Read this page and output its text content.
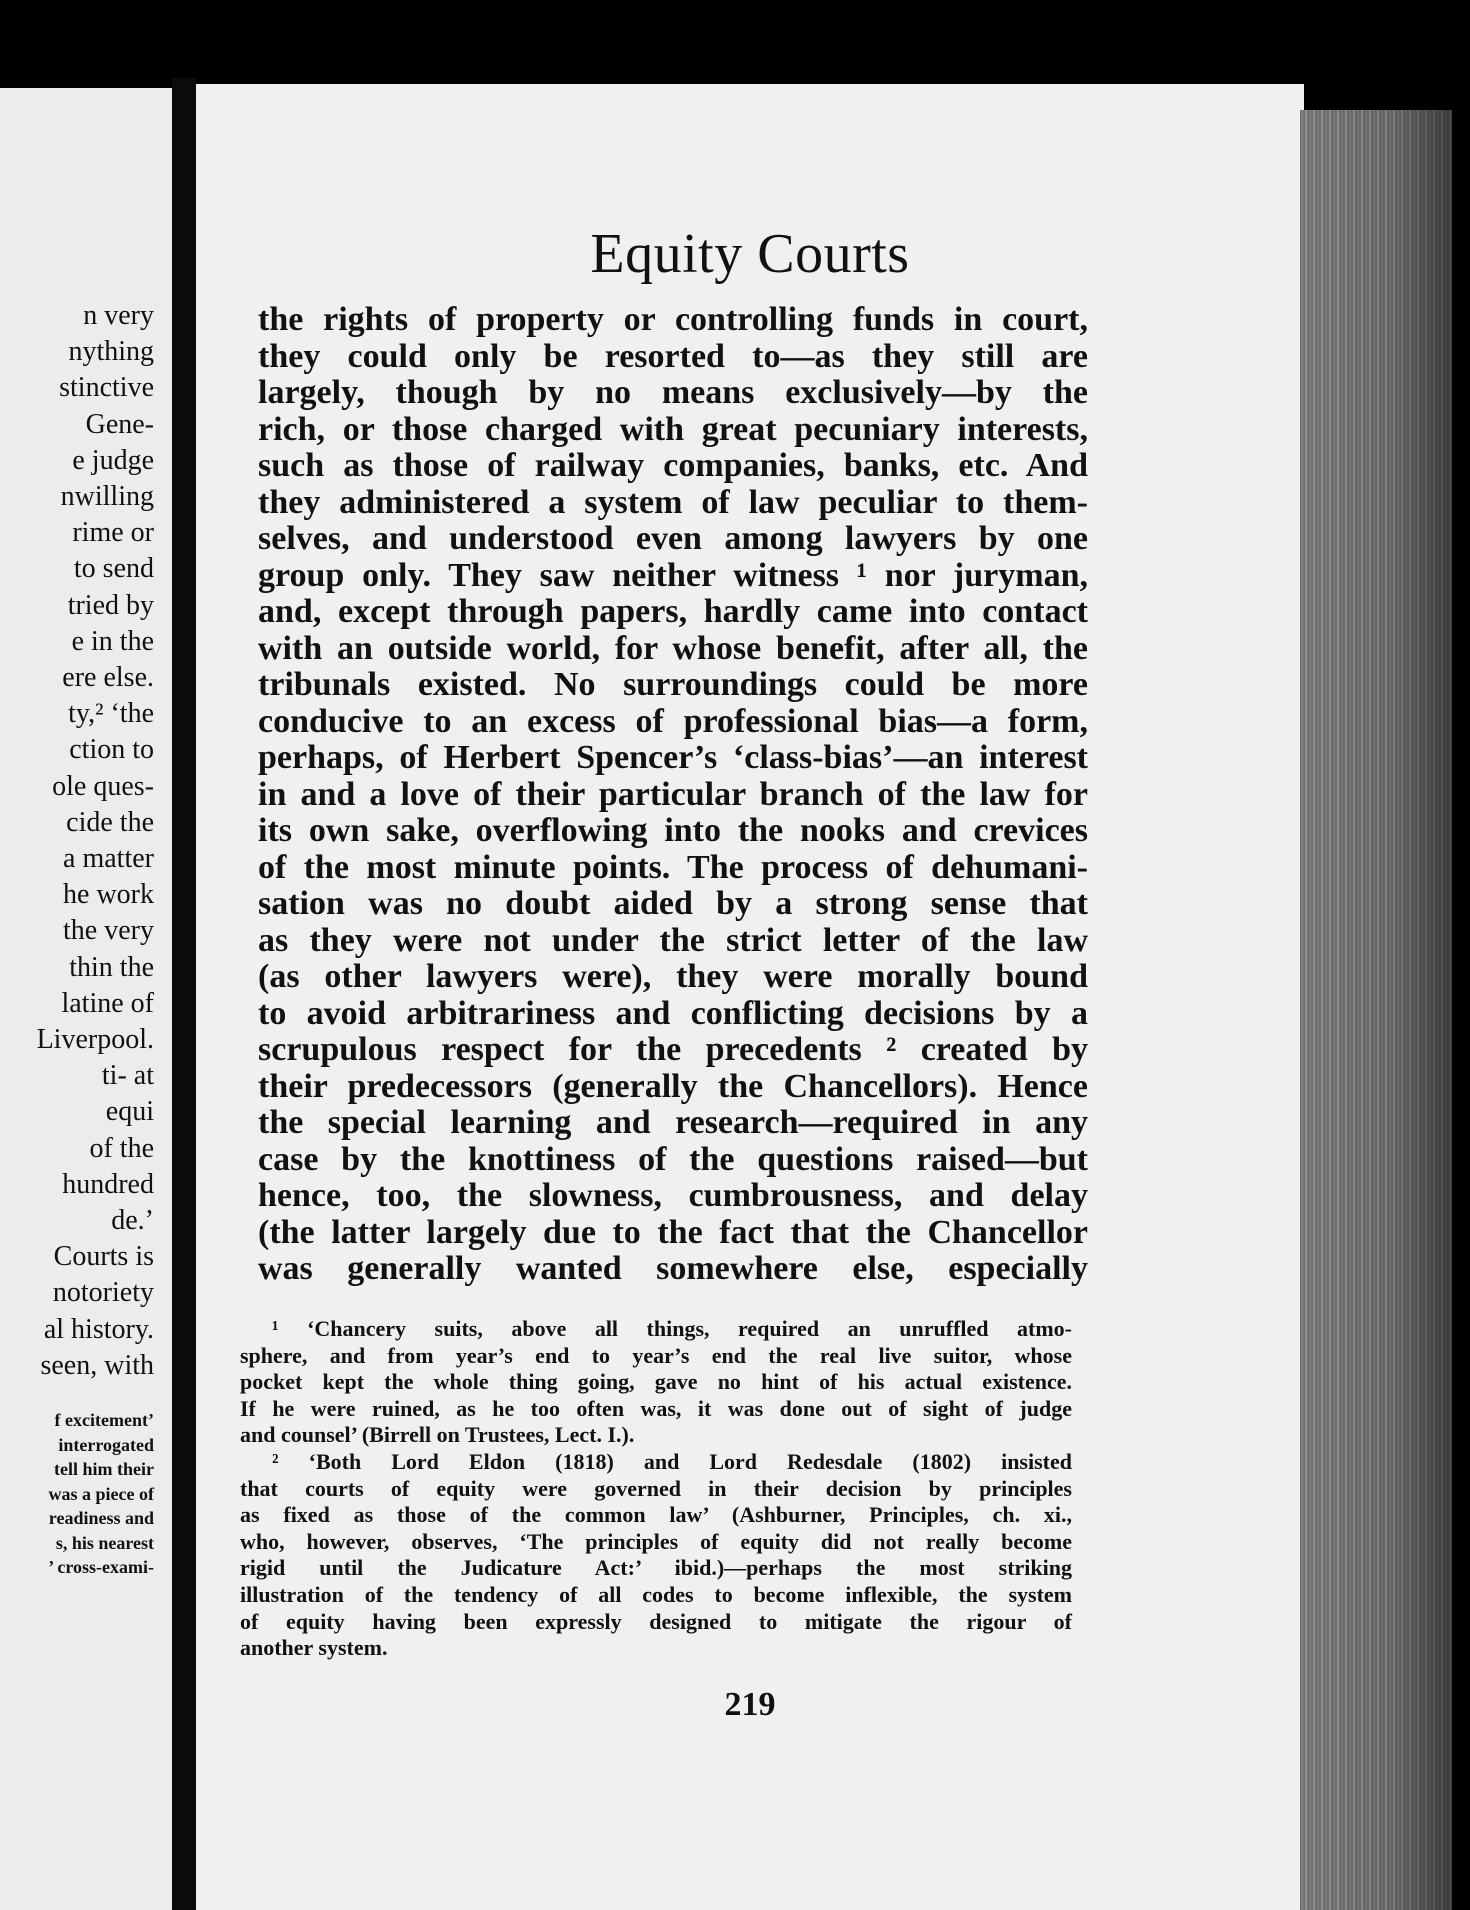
n very
nything
stinctive
Gene-
e judge
nwilling
rime or
to send
tried by
e in the
ere else.
ty,² ‘the
ction to
ole ques-
cide the
a matter
he work
the very
thin the
latine of
Liverpool.
ti- at
equi
of the
hundred
de.’
Courts is
notoriety
al history.
seen, with
f excitement’
interrogated
tell him their
was a piece of
readiness and
s, his nearest
’ cross-exami-
Equity Courts
the rights of property or controlling funds in court,
they could only be resorted to—as they still are
largely, though by no means exclusively—by the
rich, or those charged with great pecuniary interests,
such as those of railway companies, banks, etc. And
they administered a system of law peculiar to them-
selves, and understood even among lawyers by one
group only. They saw neither witness ¹ nor juryman,
and, except through papers, hardly came into contact
with an outside world, for whose benefit, after all, the
tribunals existed. No surroundings could be more
conducive to an excess of professional bias—a form,
perhaps, of Herbert Spencer’s ‘class-bias’—an interest
in and a love of their particular branch of the law for
its own sake, overflowing into the nooks and crevices
of the most minute points. The process of dehumani-
sation was no doubt aided by a strong sense that
as they were not under the strict letter of the law
(as other lawyers were), they were morally bound
to avoid arbitrariness and conflicting decisions by a
scrupulous respect for the precedents ² created by
their predecessors (generally the Chancellors). Hence
the special learning and research—required in any
case by the knottiness of the questions raised—but
hence, too, the slowness, cumbrousness, and delay
(the latter largely due to the fact that the Chancellor
was generally wanted somewhere else, especially
¹ ‘Chancery suits, above all things, required an unruffled atmo-
sphere, and from year’s end to year’s end the real live suitor, whose
pocket kept the whole thing going, gave no hint of his actual existence.
If he were ruined, as he too often was, it was done out of sight of judge
and counsel’ (Birrell on Trustees, Lect. I.).
² ‘Both Lord Eldon (1818) and Lord Redesdale (1802) insisted
that courts of equity were governed in their decision by principles
as fixed as those of the common law’ (Ashburner, Principles, ch. xi.,
who, however, observes, ‘The principles of equity did not really become
rigid until the Judicature Act:’ ibid.)—perhaps the most striking
illustration of the tendency of all codes to become inflexible, the system
of equity having been expressly designed to mitigate the rigour of
another system.
219
